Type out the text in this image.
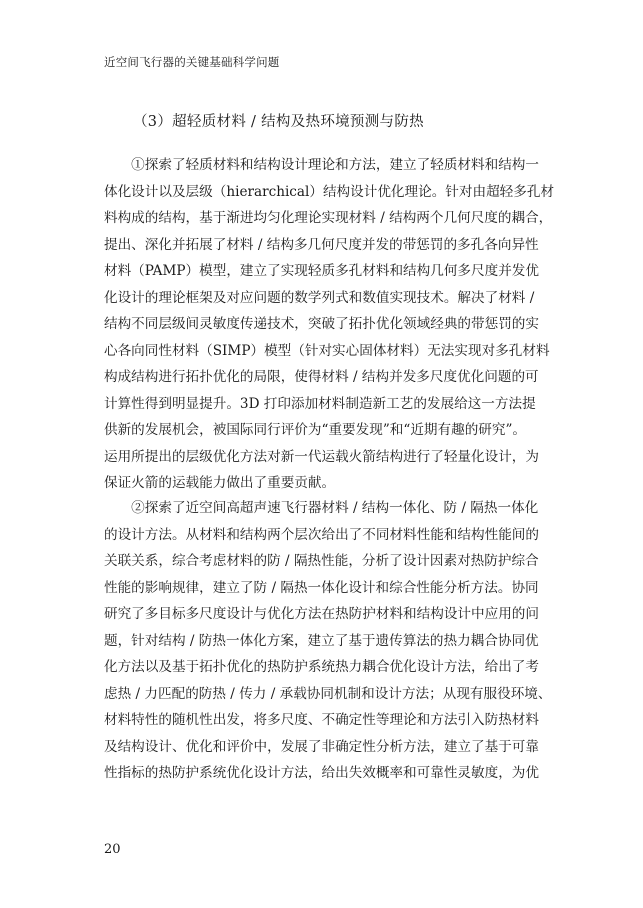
近空间飞行器的关键基础科学问题
（3）超轻质材料 / 结构及热环境预测与防热
　　①探索了轻质材料和结构设计理论和方法，建立了轻质材料和结构一
体化设计以及层级（hierarchical）结构设计优化理论。针对由超轻多孔材
料构成的结构，基于渐进均匀化理论实现材料 / 结构两个几何尺度的耦合，
提出、深化并拓展了材料 / 结构多几何尺度并发的带惩罚的多孔各向异性
材料（PAMP）模型，建立了实现轻质多孔材料和结构几何多尺度并发优
化设计的理论框架及对应问题的数学列式和数值实现技术。解决了材料 /
结构不同层级间灵敏度传递技术，突破了拓扑优化领域经典的带惩罚的实
心各向同性材料（SIMP）模型（针对实心固体材料）无法实现对多孔材料
构成结构进行拓扑优化的局限，使得材料 / 结构并发多尺度优化问题的可
计算性得到明显提升。3D 打印添加材料制造新工艺的发展给这一方法提
供新的发展机会，被国际同行评价为“重要发现”和“近期有趣的研究”。
运用所提出的层级优化方法对新一代运载火箭结构进行了轻量化设计，为
保证火箭的运载能力做出了重要贡献。
　　②探索了近空间高超声速飞行器材料 / 结构一体化、防 / 隔热一体化
的设计方法。从材料和结构两个层次给出了不同材料性能和结构性能间的
关联关系，综合考虑材料的防 / 隔热性能，分析了设计因素对热防护综合
性能的影响规律，建立了防 / 隔热一体化设计和综合性能分析方法。协同
研究了多目标多尺度设计与优化方法在热防护材料和结构设计中应用的问
题，针对结构 / 防热一体化方案，建立了基于遗传算法的热力耦合协同优
化方法以及基于拓扑优化的热防护系统热力耦合优化设计方法，给出了考
虑热 / 力匹配的防热 / 传力 / 承载协同机制和设计方法；从现有服役环境、
材料特性的随机性出发，将多尺度、不确定性等理论和方法引入防热材料
及结构设计、优化和评价中，发展了非确定性分析方法，建立了基于可靠
性指标的热防护系统优化设计方法，给出失效概率和可靠性灵敏度，为优
20
